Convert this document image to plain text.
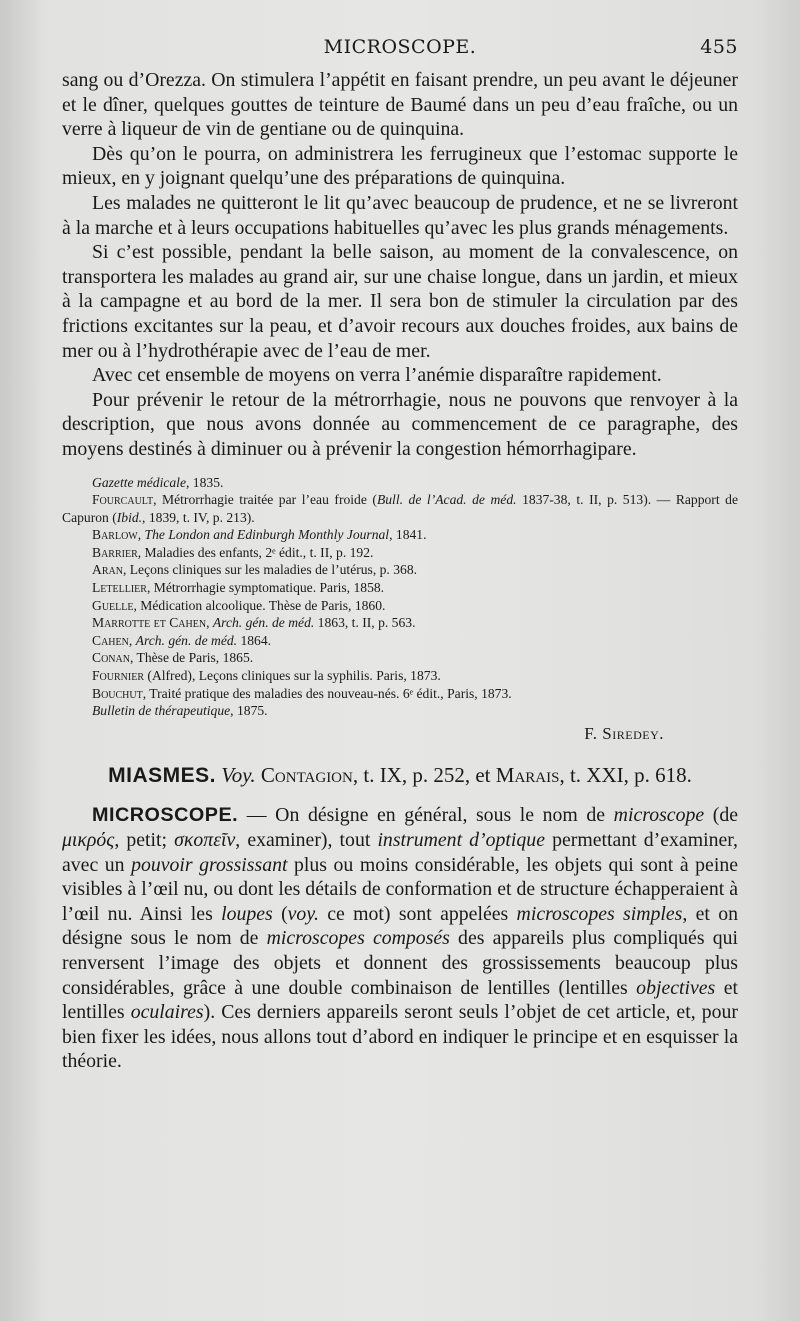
MICROSCOPE.	455

sang ou d’Orezza. On stimulera l’appétit en faisant prendre, un peu avant le déjeuner et le dîner, quelques gouttes de teinture de Baumé dans un peu d’eau fraîche, ou un verre à liqueur de vin de gentiane ou de quinquina.

Dès qu’on le pourra, on administrera les ferrugineux que l’estomac supporte le mieux, en y joignant quelqu’une des préparations de quinquina.

Les malades ne quitteront le lit qu’avec beaucoup de prudence, et ne se livreront à la marche et à leurs occupations habituelles qu’avec les plus grands ménagements.

Si c’est possible, pendant la belle saison, au moment de la convalescence, on transportera les malades au grand air, sur une chaise longue, dans un jardin, et mieux à la campagne et au bord de la mer. Il sera bon de stimuler la circulation par des frictions excitantes sur la peau, et d’avoir recours aux douches froides, aux bains de mer ou à l’hydrothérapie avec de l’eau de mer.

Avec cet ensemble de moyens on verra l’anémie disparaître rapidement.

Pour prévenir le retour de la métrorrhagie, nous ne pouvons que renvoyer à la description, que nous avons donnée au commencement de ce paragraphe, des moyens destinés à diminuer ou à prévenir la congestion hémorrhagipare.

Gazette médicale, 1835.

Fourcault, Métrorrhagie traitée par l’eau froide (Bull. de l’Acad. de méd. 1837-38, t. II, p. 513). — Rapport de Capuron (Ibid., 1839, t. IV, p. 213).

Barlow, The London and Edinburgh Monthly Journal, 1841.

Barrier, Maladies des enfants, 2ᵉ édit., t. II, p. 192.

Aran, Leçons cliniques sur les maladies de l’utérus, p. 368.

Letellier, Métrorrhagie symptomatique. Paris, 1858.

Guelle, Médication alcoolique. Thèse de Paris, 1860.

Marrotte et Cahen, Arch. gén. de méd. 1863, t. II, p. 563.

Cahen, Arch. gén. de méd. 1864.

Conan, Thèse de Paris, 1865.

Fournier (Alfred), Leçons cliniques sur la syphilis. Paris, 1873.

Bouchut, Traité pratique des maladies des nouveau-nés. 6ᵉ édit., Paris, 1873.

Bulletin de thérapeutique, 1875.

F. Siredey.
MIASMES. Voy. Contagion, t. IX, p. 252, et Marais, t. XXI, p. 618.

MICROSCOPE. — On désigne en général, sous le nom de microscope (de μικρός, petit; σκοπεῖν, examiner), tout instrument d’optique permettant d’examiner, avec un pouvoir grossissant plus ou moins considérable, les objets qui sont à peine visibles à l’œil nu, ou dont les détails de conformation et de structure échapperaient à l’œil nu. Ainsi les loupes (voy. ce mot) sont appelées microscopes simples, et on désigne sous le nom de microscopes composés des appareils plus compliqués qui renversent l’image des objets et donnent des grossissements beaucoup plus considérables, grâce à une double combinaison de lentilles (lentilles objectives et lentilles oculaires). Ces derniers appareils seront seuls l’objet de cet article, et, pour bien fixer les idées, nous allons tout d’abord en indiquer le principe et en esquisser la théorie.
